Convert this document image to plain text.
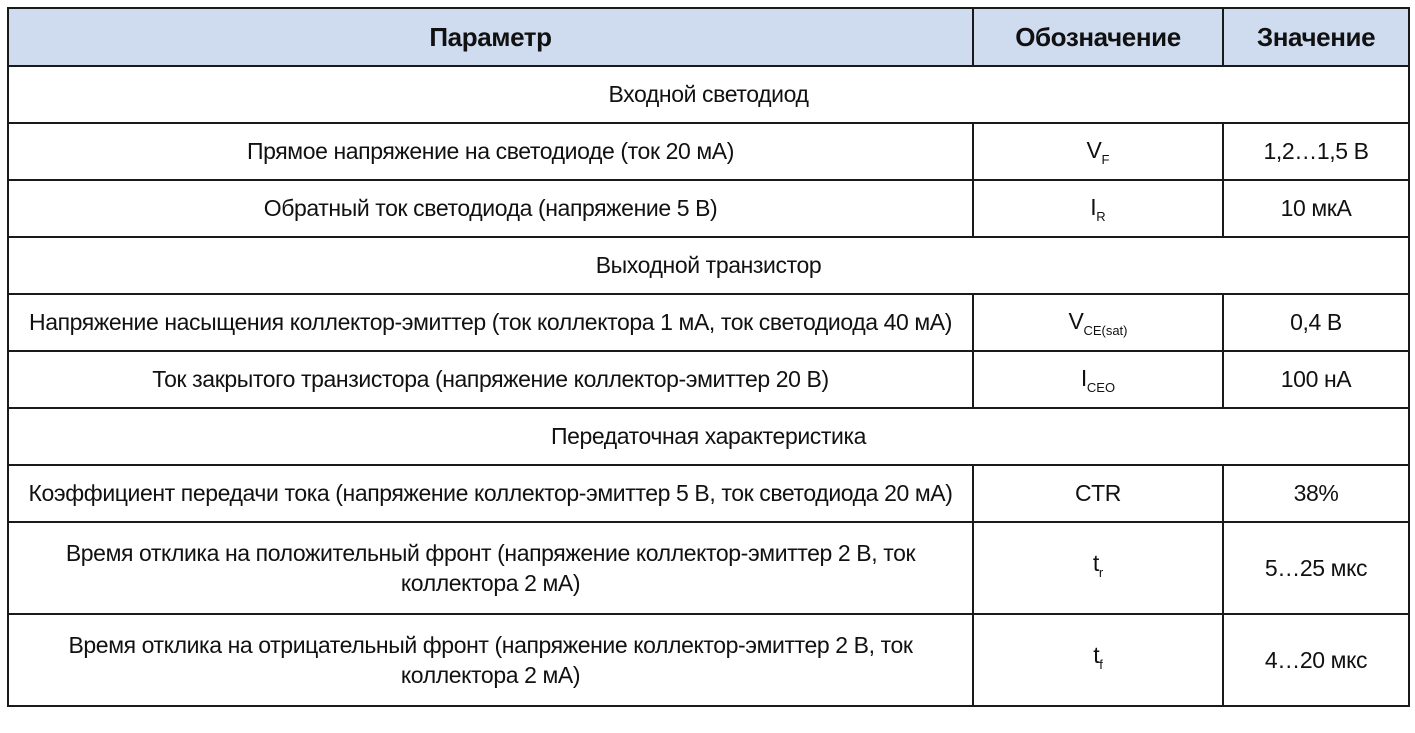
Параметр	Обозначение	Значение
Входной светодиод		
Прямое напряжение на светодиоде (ток 20 мА)	$V_F$	1,2…1,5 В
Обратный ток светодиода (напряжение 5 В)	$I_R$	10 мкА
Выходной транзистор		
Напряжение насыщения коллектор-эмиттер (ток коллектора 1 мА, ток светодиода 40 мА)	$V_{CE(sat)}$	0,4 В
Ток закрытого транзистора (напряжение коллектор-эмиттер 20 В)	$I_{CEO}$	100 нА
Передаточная характеристика		
Коэффициент передачи тока (напряжение коллектор-эмиттер 5 В, ток светодиода 20 мА)	CTR	38%
Время отклика на положительный фронт (напряжение коллектор-эмиттер 2 В, ток
коллектора 2 мА)	$t_r$	5…25 мкс
Время отклика на отрицательный фронт (напряжение коллектор-эмиттер 2 В, ток
коллектора 2 мА)	$t_f$	4…20 мкс
